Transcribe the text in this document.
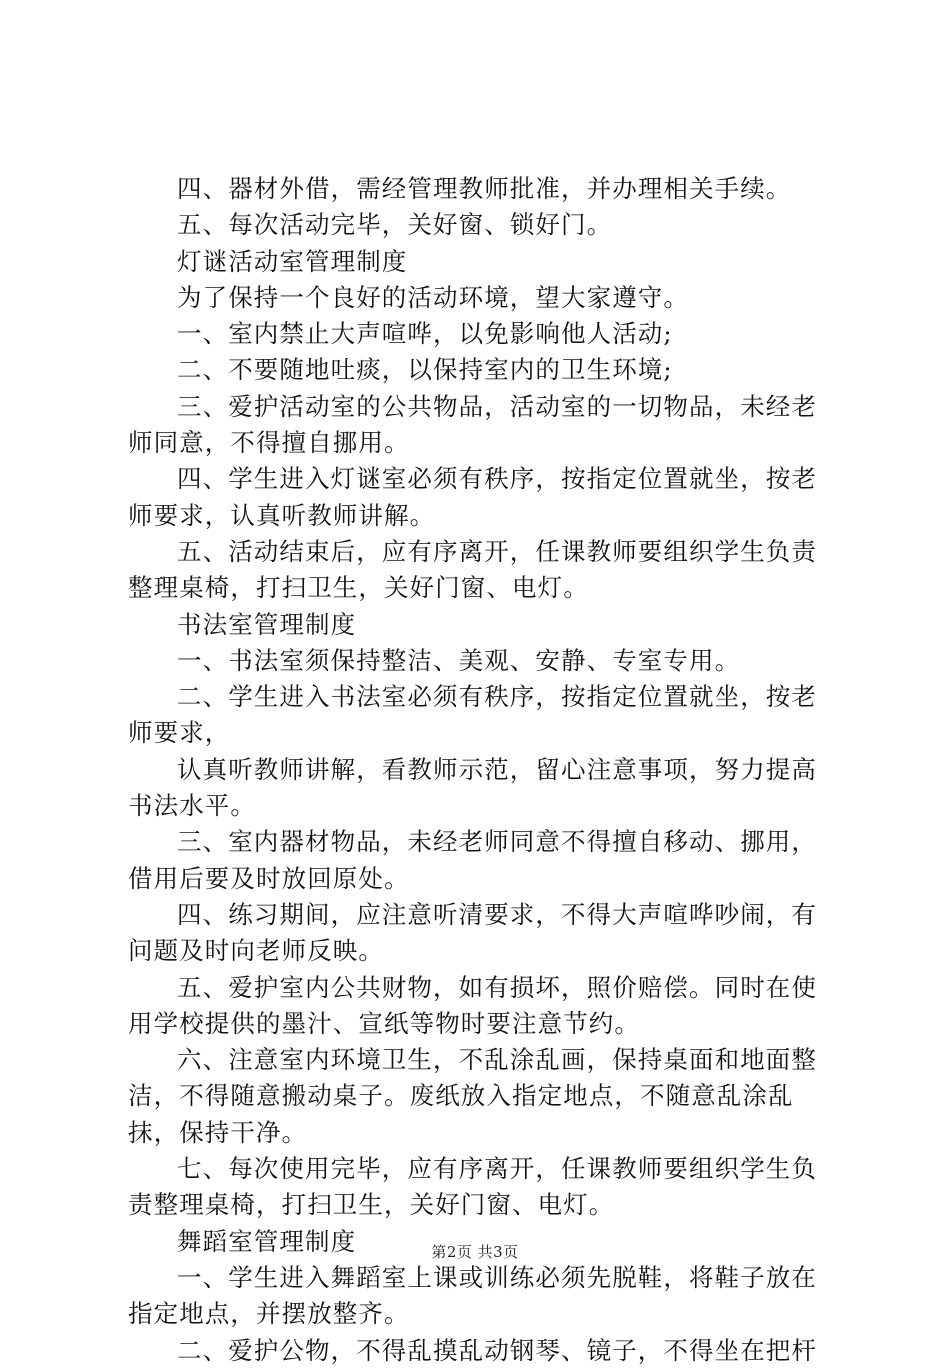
四、器材外借，需经管理教师批准，并办理相关手续。

五、每次活动完毕，关好窗、锁好门。

灯谜活动室管理制度

为了保持一个良好的活动环境，望大家遵守。

一、室内禁止大声喧哗，以免影响他人活动;

二、不要随地吐痰，以保持室内的卫生环境;

三、爱护活动室的公共物品，活动室的一切物品，未经老师同意，不得擅自挪用。

四、学生进入灯谜室必须有秩序，按指定位置就坐，按老师要求，认真听教师讲解。

五、活动结束后，应有序离开，任课教师要组织学生负责整理桌椅，打扫卫生，关好门窗、电灯。

书法室管理制度

一、书法室须保持整洁、美观、安静、专室专用。

二、学生进入书法室必须有秩序，按指定位置就坐，按老师要求，

认真听教师讲解，看教师示范，留心注意事项，努力提高书法水平。

三、室内器材物品，未经老师同意不得擅自移动、挪用，借用后要及时放回原处。

四、练习期间，应注意听清要求，不得大声喧哗吵闹，有问题及时向老师反映。

五、爱护室内公共财物，如有损坏，照价赔偿。同时在使用学校提供的墨汁、宣纸等物时要注意节约。

六、注意室内环境卫生，不乱涂乱画，保持桌面和地面整洁，不得随意搬动桌子。废纸放入指定地点，不随意乱涂乱抹，保持干净。

七、每次使用完毕，应有序离开，任课教师要组织学生负责整理桌椅，打扫卫生，关好门窗、电灯。

舞蹈室管理制度

一、学生进入舞蹈室上课或训练必须先脱鞋，将鞋子放在指定地点，并摆放整齐。

二、爱护公物，不得乱摸乱动钢琴、镜子，不得坐在把杆

第2页 共3页
